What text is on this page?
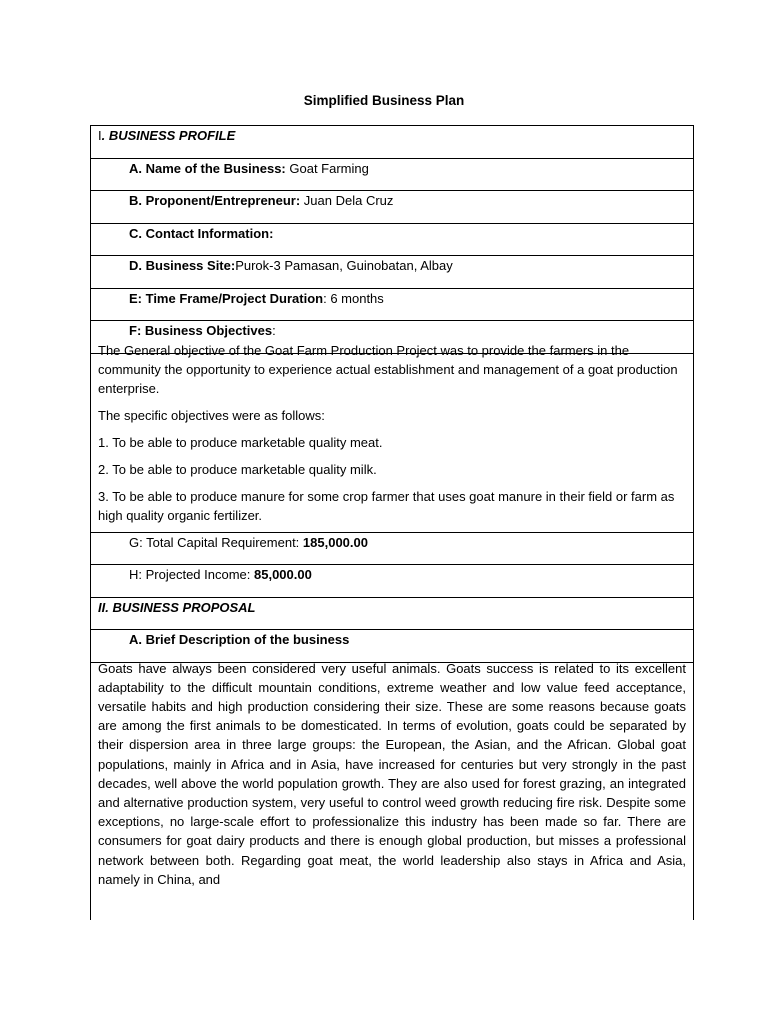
Simplified Business Plan
I. BUSINESS PROFILE
A. Name of the Business: Goat Farming
B. Proponent/Entrepreneur: Juan Dela Cruz
C. Contact Information:
D. Business Site:Purok-3 Pamasan, Guinobatan, Albay
E: Time Frame/Project Duration: 6 months
F: Business Objectives:

The General objective of the Goat Farm Production Project was to provide the farmers in the community the opportunity to experience actual establishment and management of a goat production enterprise.

The specific objectives were as follows:

1. To be able to produce marketable quality meat.

2. To be able to produce marketable quality milk.

3. To be able to produce manure for some crop farmer that uses goat manure in their field or farm as high quality organic fertilizer.

G: Total Capital Requirement: 185,000.00
H: Projected Income: 85,000.00
II. BUSINESS PROPOSAL
A. Brief Description of the business

Goats have always been considered very useful animals. Goats success is related to its excellent adaptability to the difficult mountain conditions, extreme weather and low value feed acceptance, versatile habits and high production considering their size. These are some reasons because goats are among the first animals to be domesticated. In terms of evolution, goats could be separated by their dispersion area in three large groups: the European, the Asian, and the African. Global goat populations, mainly in Africa and in Asia, have increased for centuries but very strongly in the past decades, well above the world population growth. They are also used for forest grazing, an integrated and alternative production system, very useful to control weed growth reducing fire risk. Despite some exceptions, no large-scale effort to professionalize this industry has been made so far. There are consumers for goat dairy products and there is enough global production, but misses a professional network between both. Regarding goat meat, the world leadership also stays in Africa and Asia, namely in China, and
